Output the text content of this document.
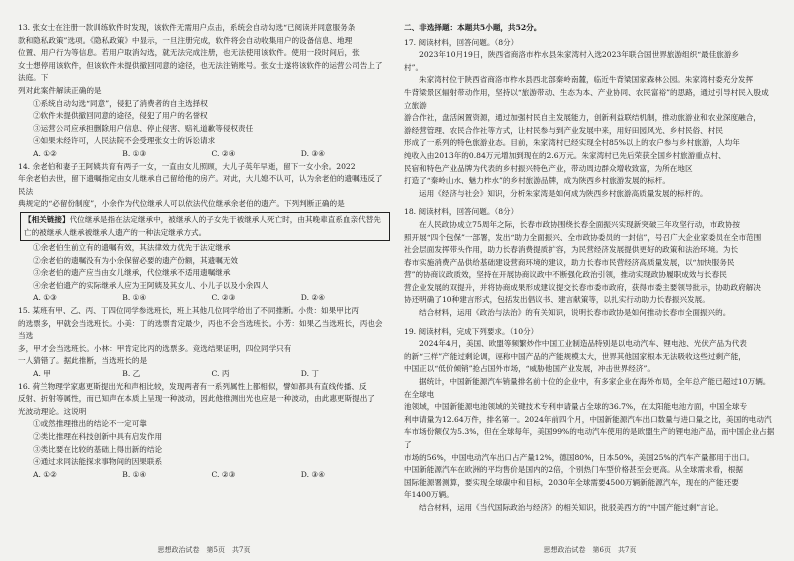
13. 张女士在注册一款训练软件时发现，该软件无需用户点击，系统会自动勾选“已阅读并同意服务条

款和隐私政策”选项。《隐私政策》中显示，一旦注册完成，软件将会自动收集用户的设备信息、地理

位置、用户行为等信息。若用户取消勾选，就无法完成注册，也无法使用该软件。使用一段时间后，张

女士想停用该软件，但该软件未提供撤回同意的途径，也无法注销账号。张女士遂将该软件的运营公司告上了法庭。下

列对此案件解读正确的是

①系统自动勾选“同意”，侵犯了消费者的自主选择权

②软件未提供撤回同意的途径，侵犯了用户的名誉权

③运营公司应承担删除用户信息、停止侵害、赔礼道歉等侵权责任

④如果未经许可，人民法院不会受理张女士的诉讼请求

A. ①②	B. ①③	C. ②④	D. ③④

14. 余老伯和妻子王阿姨共育有两子一女，一直由女儿照顾，大儿子英年早逝，留下一女小余。2022

年余老伯去世，留下遗嘱指定由女儿继承自己留给他的房产。对此，大儿媳不认可，认为余老伯的遗嘱违反了民法

典规定的“必留份制度”，小余作为代位继承人可以依法代位继承余老伯的遗产。下列判断正确的是

【相关链接】代位继承是指在法定继承中，被继承人的子女先于被继承人死亡时，由其晚辈直系血亲代替先亡的被继承人继承被继承人遗产的一种法定继承方式。

①余老伯生前立有的遗嘱有效，其法律效力优先于法定继承

②余老伯的遗嘱没有为小余保留必要的遗产份额，其遗嘱无效

③余老伯的遗产应当由女儿继承，代位继承不适用遗嘱继承

④余老伯遗产的实际继承人应为王阿姨及其女儿、小儿子以及小余四人

A. ①③	B. ①④	C. ②③	D. ②④

15. 某班有甲、乙、丙、丁四位同学参选班长，班上其他几位同学给出了不同推断。小贵：如果甲比丙

的选票多，甲就会当选班长。小美：丁的选票肯定最少，丙也不会当选班长。小芳：如果乙当选班长，丙也会当选

多，甲才会当选班长。小林：甲肯定比丙的选票多。竞选结果证明，四位同学只有

一人猜错了。据此推断，当选班长的是

A. 甲	B. 乙	C. 丙	D. 丁

16. 荷兰物理学家惠更斯提出光和声相比较，发现两者有一系列属性上都相似，譬如都具有直线传播、反

反射、折射等属性，而已知声在本质上呈现一种波动，因此他推测出光也应是一种波动，由此惠更斯提出了

光波动理论。这说明

①或然推理推出的结论不一定可靠

②类比推理在科技创新中具有启发作用

③类比要在比较的基础上得出新的结论

④通过求同法能探求事物间的因果联系

A. ①②	B. ①④	C. ②③	D. ③④
思想政治试卷　第5页　共7页

二、非选择题：本题共5小题，共52分。

17. 阅读材料，回答问题。（8分）

2023年10月19日，陕西省商洛市柞水县朱家湾村入选2023年联合国世界旅游组织“最佳旅游乡

村”。

朱家湾村位于陕西省商洛市柞水县西北部秦岭南麓，临近牛背梁国家森林公园。朱家湾村委充分发挥

牛背梁景区辐射带动作用，坚持以“旅游带动、生态为本、产业协同、农民富裕”的思路，通过引导村民入股成立旅游

游合作社，盘活闲置资源，通过加强村民自主发展能力，创新利益联结机制，推动旅游业和农业深度融合，

游经营管理、农民合作社等方式，让村民参与到产业发展中来，用好田园风光、乡村民俗、村民

形成了一系列的特色旅游业态。目前，朱家湾村已经实现全村85%以上的农户参与乡村旅游，人均年

纯收入由2013年的0.84万元增加到现在的2.6万元。朱家湾村已先后荣获全国乡村旅游重点村、

民宿和特色产业品牌为代表的乡村振兴特色产业，带动周边群众增收致富，为所在地区

打造了“秦岭山水、魅力柞水”的乡村旅游品牌，成为陕西乡村旅游发展的标杆。

运用《经济与社会》知识，分析朱家湾是如何成为陕西乡村旅游高质量发展的标杆的。

18. 阅读材料，回答问题。（8分）

在人民政协成立75周年之际，长春市政协围绕长春全面振兴实现新突破三年攻坚行动，市政协按

照开展“四个包保”一部署，发出“助力全面振兴、全市政协委员的一封信”，号召广大企业家委员在全市范围

社会层面发挥带头作用，助力长春消费提质扩容，为民营经济发展提供更好的政策和法治环境。为长

春市实施消费产品供给基础建设营商环境的建议，助力长春市民营经济高质量发展，以“加快服务民

营”的协商议政质效，坚持在开展协商议政中不断强化政治引领，推动实现政协履职成效与长春民

营企业发展的双提升，并将协商成果形成建议提交长春市委市政府，获得市委主要领导批示，协助政府解决

协还明确了10种建言形式，包括发出倡议书、建言献策等，以扎实行动助力长春振兴发展。

结合材料，运用《政治与法治》的有关知识，说明长春市政协是如何推动长春市全面振兴的。

19. 阅读材料，完成下列要求。（10分）

2024年4月，美国、欧盟等频繁炒作中国工业制造品特别是以电动汽车、锂电池、光伏产品为代表

的新“三样”产能过剩论调，诬称中国产品的产能规模太大，世界其他国家根本无法吸收这些过剩产能，

中国正以“低价倾销”抢占国外市场，“威胁他国产业发展，冲击世界经济”。

据统计，中国新能源汽车销量排名前十位的企业中，有多家企业在海外布局，全年总产能已超过10万辆。在全球电

池领域，中国新能源电池领域的关键技术专利申请量占全球的36.7%，在太阳能电池方面，中国全球专

利申请量为12.64万件，排名第一。2024年前四个月，中国新能源汽车出口数量与进口量之比，美国的电动汽

车市场份额仅为5.3%，但在全球每年，美国99%的电动汽车使用的是欧盟生产的锂电池产品，而中国企业占据了

市场的56%，中国电动汽车出口占产量12%，德国80%，日本50%，美国25%的汽车产量都用于出口。

中国新能源汽车在欧洲的平均售价是国内的2倍，个别热门车型价格甚至会更高。从全球需求看，根据

国际能源署测算，要实现全球碳中和目标，2030年全球需要4500万辆新能源汽车，现在的产能还要

年1400万辆。

结合材料，运用《当代国际政治与经济》的相关知识，批驳美西方的“中国产能过剩”言论。

思想政治试卷　第6页　共7页
